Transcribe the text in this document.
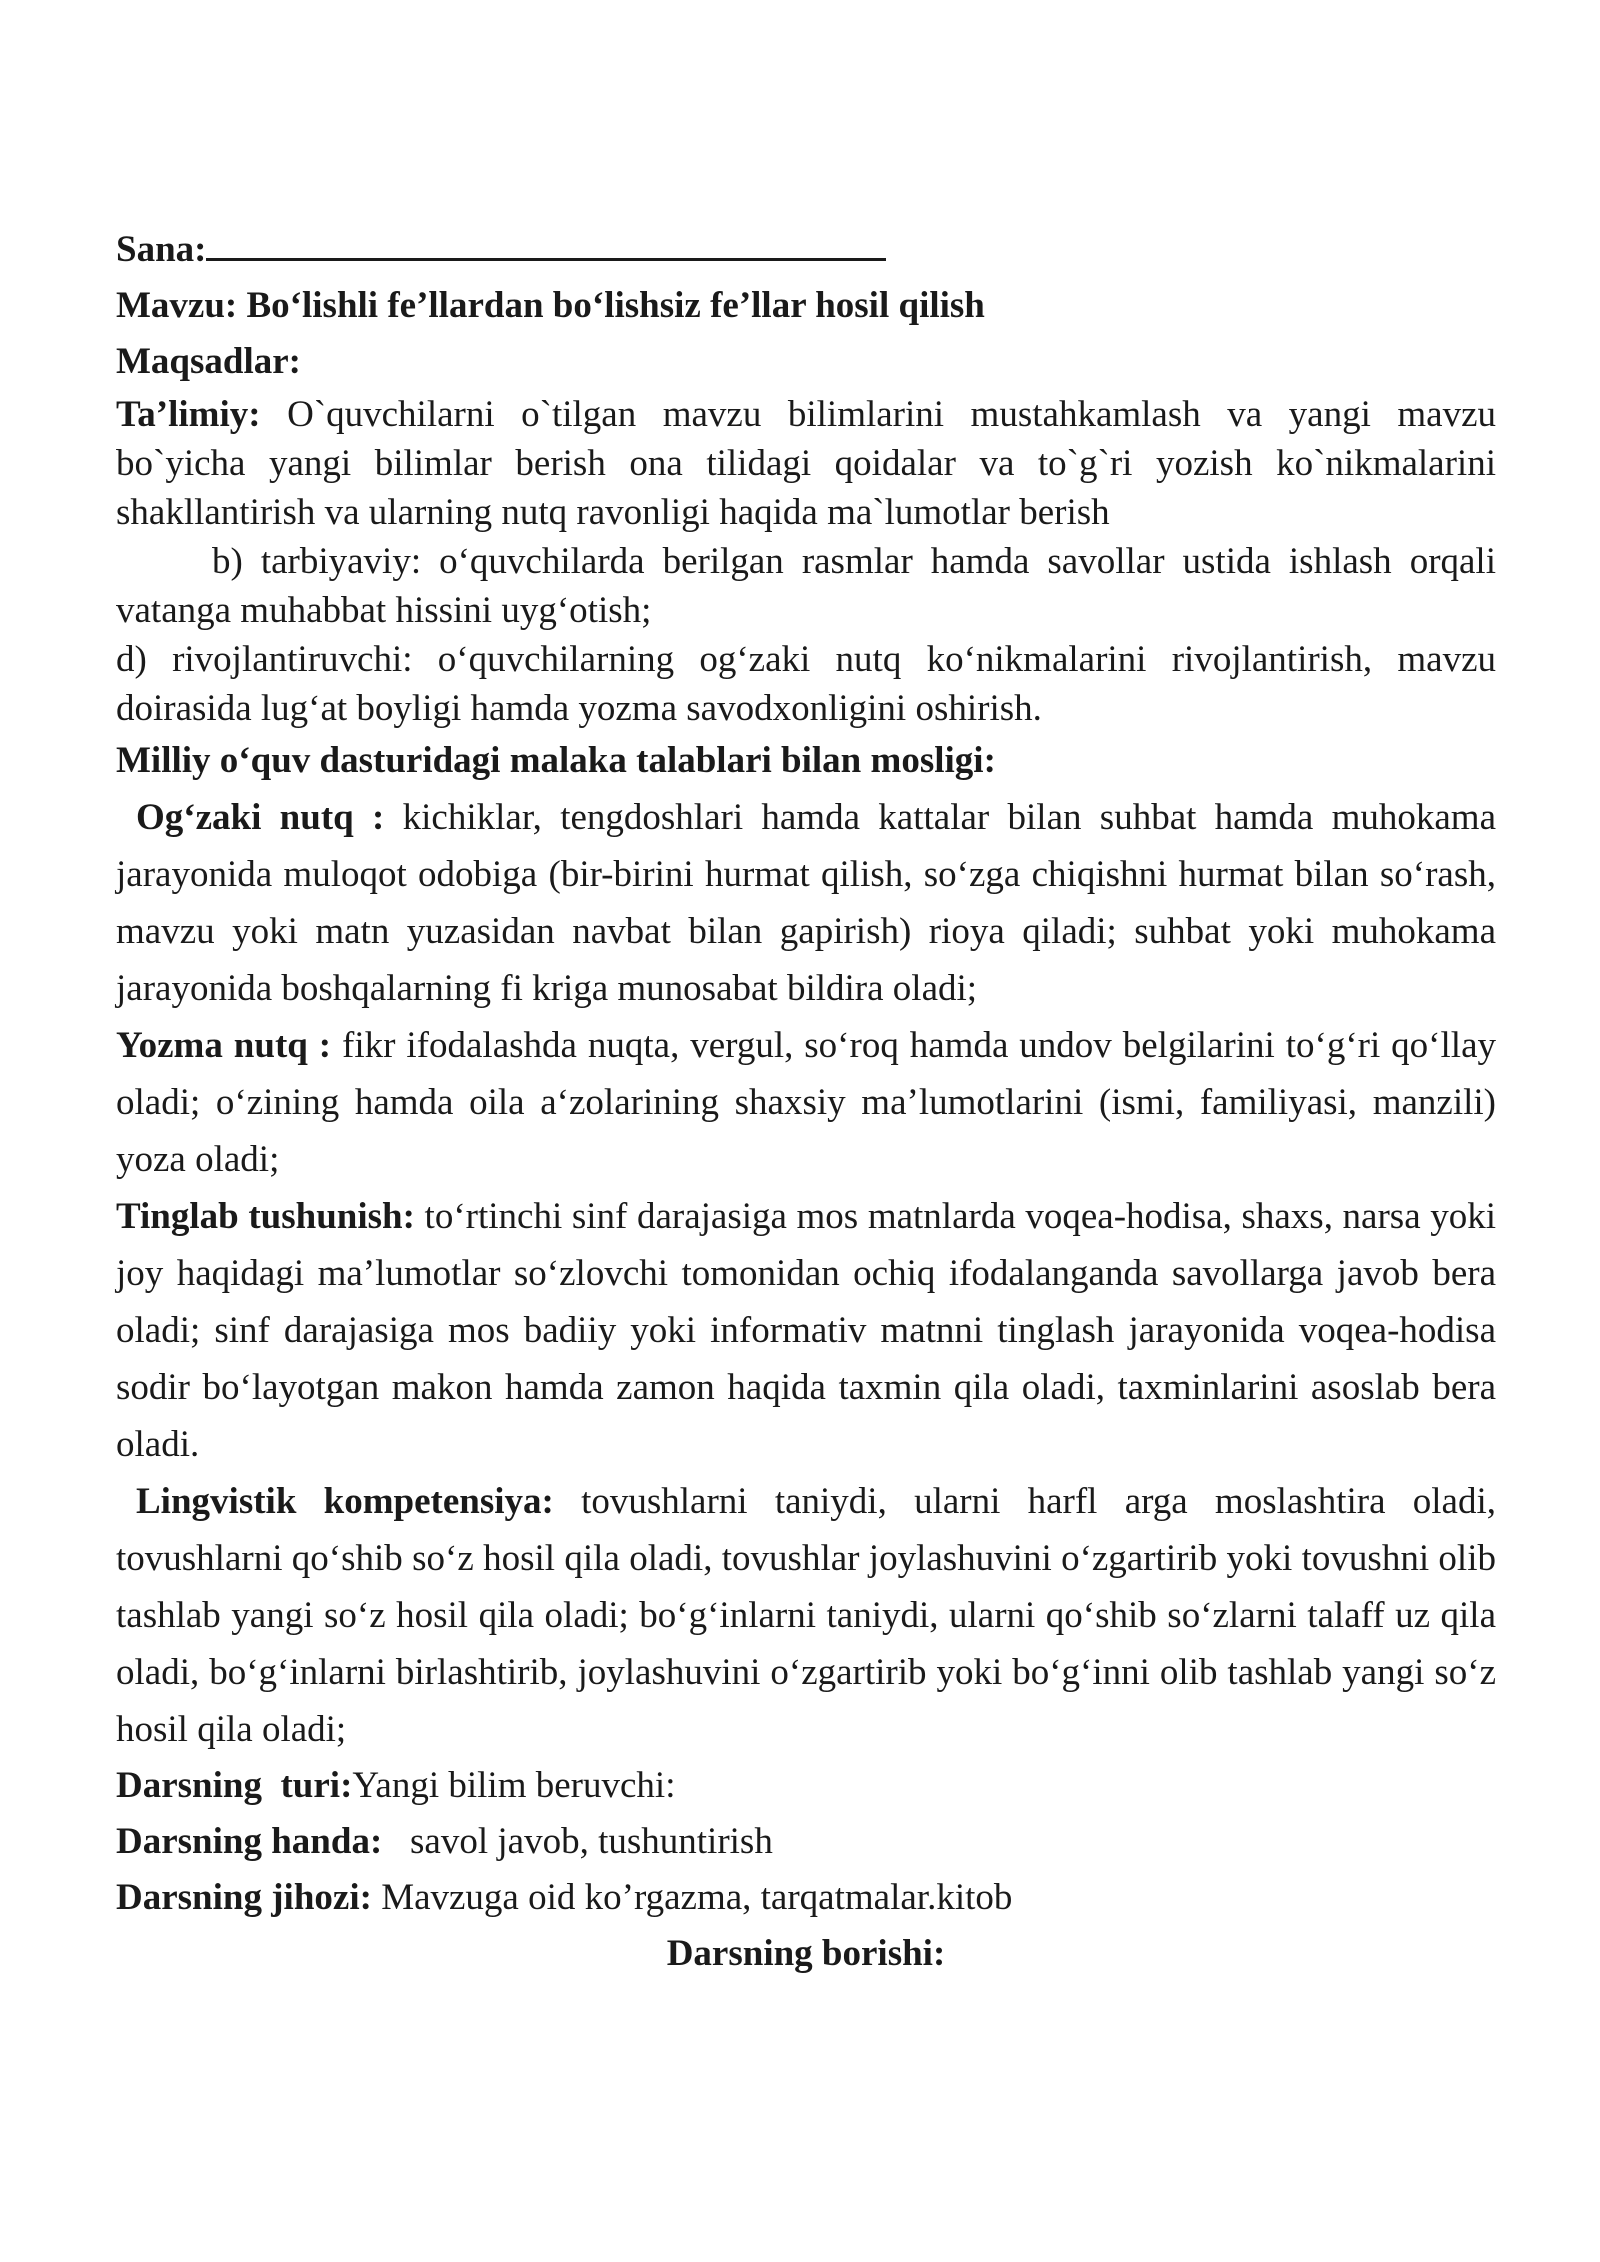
Sana:
Mavzu: Bo‘lishli fe’llardan bo‘lishsiz fe’llar hosil qilish
Maqsadlar:
Ta’limiy: O`quvchilarni o`tilgan mavzu bilimlarini mustahkamlash va yangi mavzu bo`yicha yangi bilimlar berish ona tilidagi qoidalar va to`g`ri yozish ko`nikmalarini shakllantirish va ularning nutq ravonligi haqida ma`lumotlar berish
b) tarbiyaviy: o‘quvchilarda berilgan rasmlar hamda savollar ustida ishlash orqali vatanga muhabbat hissini uyg‘otish;
d) rivojlantiruvchi: o‘quvchilarning og‘zaki nutq ko‘nikmalarini rivojlantirish, mavzu doirasida lug‘at boyligi hamda yozma savodxonligini oshirish.
Milliy o‘quv dasturidagi malaka talablari bilan mosligi:
Og‘zaki nutq : kichiklar, tengdoshlari hamda kattalar bilan suhbat hamda muhokama jarayonida muloqot odobiga (bir-birini hurmat qilish, so‘zga chiqishni hurmat bilan so‘rash, mavzu yoki matn yuzasidan navbat bilan gapirish) rioya qiladi; suhbat yoki muhokama jarayonida boshqalarning fi kriga munosabat bildira oladi;
Yozma nutq : fikr ifodalashda nuqta, vergul, so‘roq hamda undov belgilarini to‘g‘ri qo‘llay oladi; o‘zining hamda oila a‘zolarining shaxsiy ma’lumotlarini (ismi, familiyasi, manzili) yoza oladi;
Tinglab tushunish: to‘rtinchi sinf darajasiga mos matnlarda voqea-hodisa, shaxs, narsa yoki joy haqidagi ma’lumotlar so‘zlovchi tomonidan ochiq ifodalanganda savollarga javob bera oladi; sinf darajasiga mos badiiy yoki informativ matnni tinglash jarayonida voqea-hodisa sodir bo‘layotgan makon hamda zamon haqida taxmin qila oladi, taxminlarini asoslab bera oladi.
Lingvistik kompetensiya: tovushlarni taniydi, ularni harfl arga moslashtira oladi, tovushlarni qo‘shib so‘z hosil qila oladi, tovushlar joylashuvini o‘zgartirib yoki tovushni olib tashlab yangi so‘z hosil qila oladi; bo‘g‘inlarni taniydi, ularni qo‘shib so‘zlarni talaff uz qila oladi, bo‘g‘inlarni birlashtirib, joylashuvini o‘zgartirib yoki bo‘g‘inni olib tashlab yangi so‘z hosil qila oladi;
Darsning  turi:Yangi bilim beruvchi:
Darsning handa:   savol javob, tushuntirish
Darsning jihozi: Mavzuga oid ko’rgazma, tarqatmalar.kitob
Darsning borishi:
